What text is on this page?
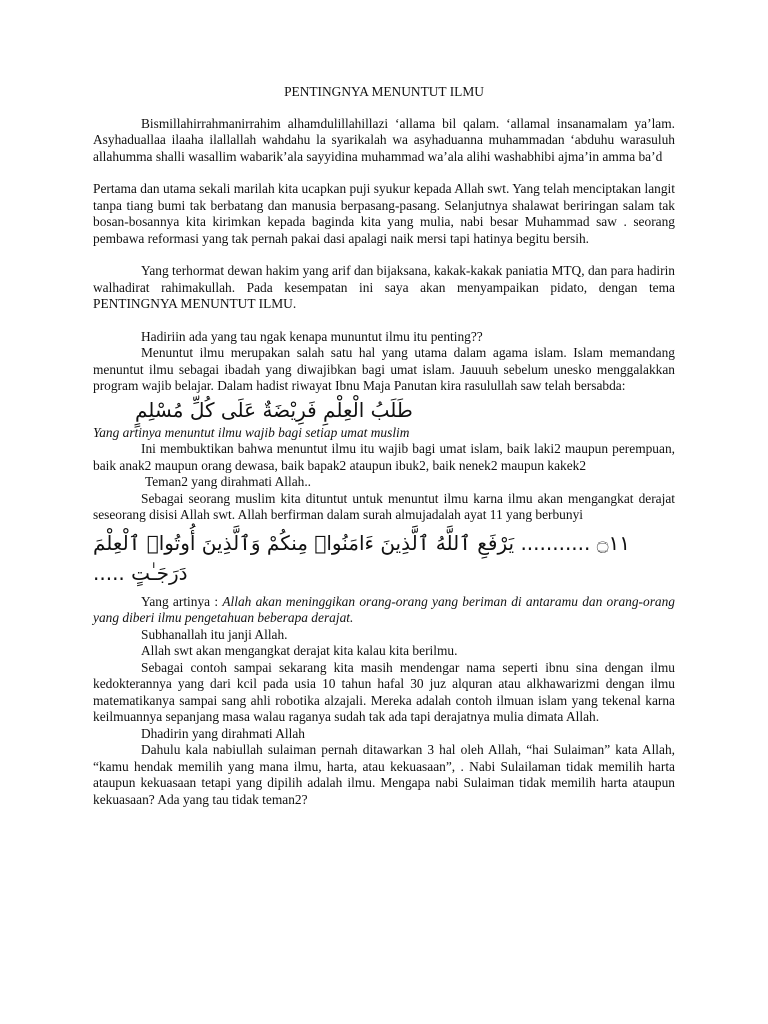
PENTINGNYA MENUNTUT ILMU

Bismillahirrahmanirrahim alhamdulillahillazi ‘allama bil qalam. ‘allamal insanamalam ya’lam. Asyhaduallaa ilaaha ilallallah wahdahu la syarikalah wa asyhaduanna muhammadan ‘abduhu warasuluh allahumma shalli wasallim wabarik’ala sayyidina muhammad wa’ala alihi washabhibi ajma’in amma ba’d

Pertama dan utama sekali marilah kita ucapkan puji syukur kepada Allah swt. Yang telah menciptakan langit tanpa tiang bumi tak berbatang dan manusia berpasang-pasang. Selanjutnya shalawat beriringan salam tak bosan-bosannya kita kirimkan kepada baginda kita yang mulia, nabi besar Muhammad saw . seorang pembawa reformasi yang tak pernah pakai dasi apalagi naik mersi tapi hatinya begitu bersih.

Yang terhormat dewan hakim yang arif dan bijaksana, kakak-kakak paniatia MTQ, dan para hadirin walhadirat rahimakullah. Pada kesempatan ini saya akan menyampaikan pidato, dengan tema PENTINGNYA MENUNTUT ILMU.

Hadiriin ada yang tau ngak kenapa mununtut ilmu itu penting??

Menuntut ilmu merupakan salah satu hal yang utama dalam agama islam. Islam memandang menuntut ilmu sebagai ibadah yang diwajibkan bagi umat islam. Jauuuh sebelum unesko menggalakkan program wajib belajar. Dalam hadist riwayat Ibnu Maja Panutan kira rasulullah saw telah bersabda:

طَلَبُ الْعِلْمِ فَرِيْضَةٌ عَلَى كُلِّ مُسْلِمٍ

Yang artinya menuntut ilmu wajib bagi setiap umat muslim

Ini membuktikan bahwa menuntut ilmu itu wajib bagi umat islam, baik laki2 maupun perempuan, baik anak2 maupun orang dewasa, baik bapak2 ataupun ibuk2, baik nenek2 maupun kakek2

Teman2 yang dirahmati Allah..

Sebagai seorang muslim kita dituntut untuk menuntut ilmu karna ilmu akan mengangkat derajat seseorang disisi Allah swt. Allah berfirman dalam surah almujadalah ayat 11 yang berbunyi

۝١١ ........... يَرْفَعِ ٱللَّهُ ٱلَّذِينَ ءَامَنُوا۟ مِنكُمْ وَٱلَّذِينَ أُوتُوا۟ ٱلْعِلْمَ دَرَجَـٰتٍ .....

Yang artinya : Allah akan meninggikan orang-orang yang beriman di antaramu dan orang-orang yang diberi ilmu pengetahuan beberapa derajat.

Subhanallah itu janji Allah.

Allah swt akan mengangkat derajat kita kalau kita berilmu.

Sebagai contoh sampai sekarang kita masih mendengar nama seperti ibnu sina dengan ilmu kedokterannya yang dari kcil pada usia 10 tahun hafal 30 juz alquran atau alkhawarizmi dengan ilmu matematikanya sampai sang ahli robotika alzajali. Mereka adalah contoh ilmuan islam yang tekenal karna keilmuannya sepanjang masa walau raganya sudah tak ada tapi derajatnya mulia dimata Allah.

Dhadirin yang dirahmati Allah

Dahulu kala nabiullah sulaiman pernah ditawarkan 3 hal oleh Allah, “hai Sulaiman” kata Allah, “kamu hendak memilih yang mana ilmu, harta, atau kekuasaan”, . Nabi Sulailaman tidak memilih harta ataupun kekuasaan tetapi yang dipilih adalah ilmu. Mengapa nabi Sulaiman tidak memilih harta ataupun kekuasaan? Ada yang tau tidak teman2?
